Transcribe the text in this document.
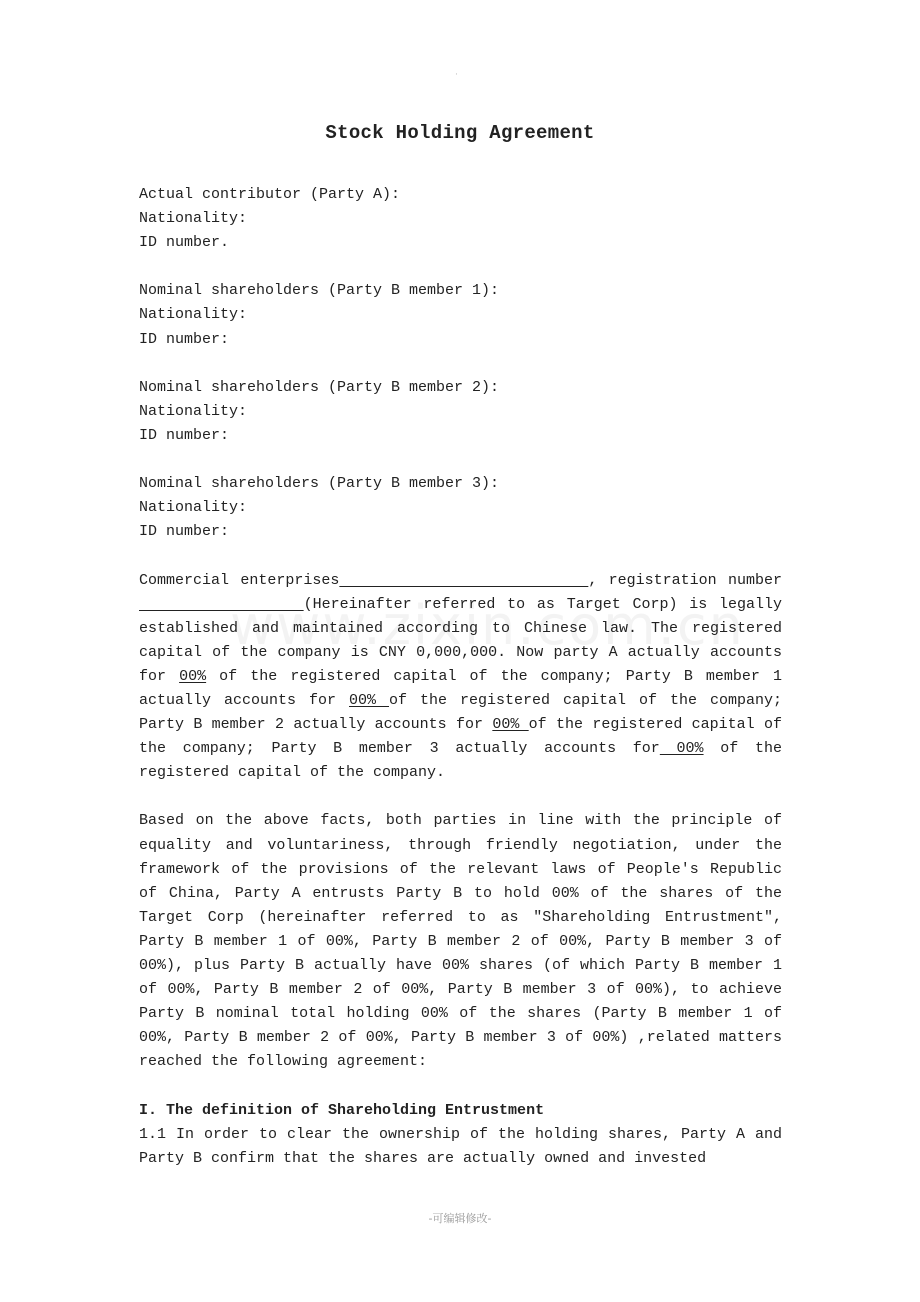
·
Stock Holding Agreement
Actual contributor (Party A):
Nationality:
ID number.
Nominal shareholders (Party B member 1):
Nationality:
ID number:
Nominal shareholders (Party B member 2):
Nationality:
ID number:
Nominal shareholders (Party B member 3):
Nationality:
ID number:
Commercial enterprises	, registration number              (Hereinafter referred to as Target Corp) is legally established and maintained according to Chinese law. The registered capital of the company is CNY 0,000,000. Now party A actually accounts for 00% of the registered capital of the company; Party B member 1 actually accounts for 00% of the registered capital of the company; Party B member 2 actually accounts for 00% of the registered capital of the company; Party B member 3 actually accounts for 00% of the registered capital of the company.
Based on the above facts, both parties in line with the principle of equality and voluntariness, through friendly negotiation, under the framework of the provisions of the relevant laws of People's Republic of China, Party A entrusts Party B to hold 00% of the shares of the Target Corp (hereinafter referred to as "Shareholding Entrustment", Party B member 1 of 00%, Party B member 2 of 00%, Party B member 3 of 00%), plus Party B actually have 00% shares (of which Party B member 1 of 00%, Party B member 2 of 00%, Party B member 3 of 00%), to achieve Party B nominal total holding 00% of the shares (Party B member 1 of 00%, Party B member 2 of 00%, Party B member 3 of 00%) ,related matters reached the following agreement:
I. The definition of Shareholding Entrustment
1.1 In order to clear the ownership of the holding shares, Party A and Party B confirm that the shares are actually owned and invested
-可编辑修改-
